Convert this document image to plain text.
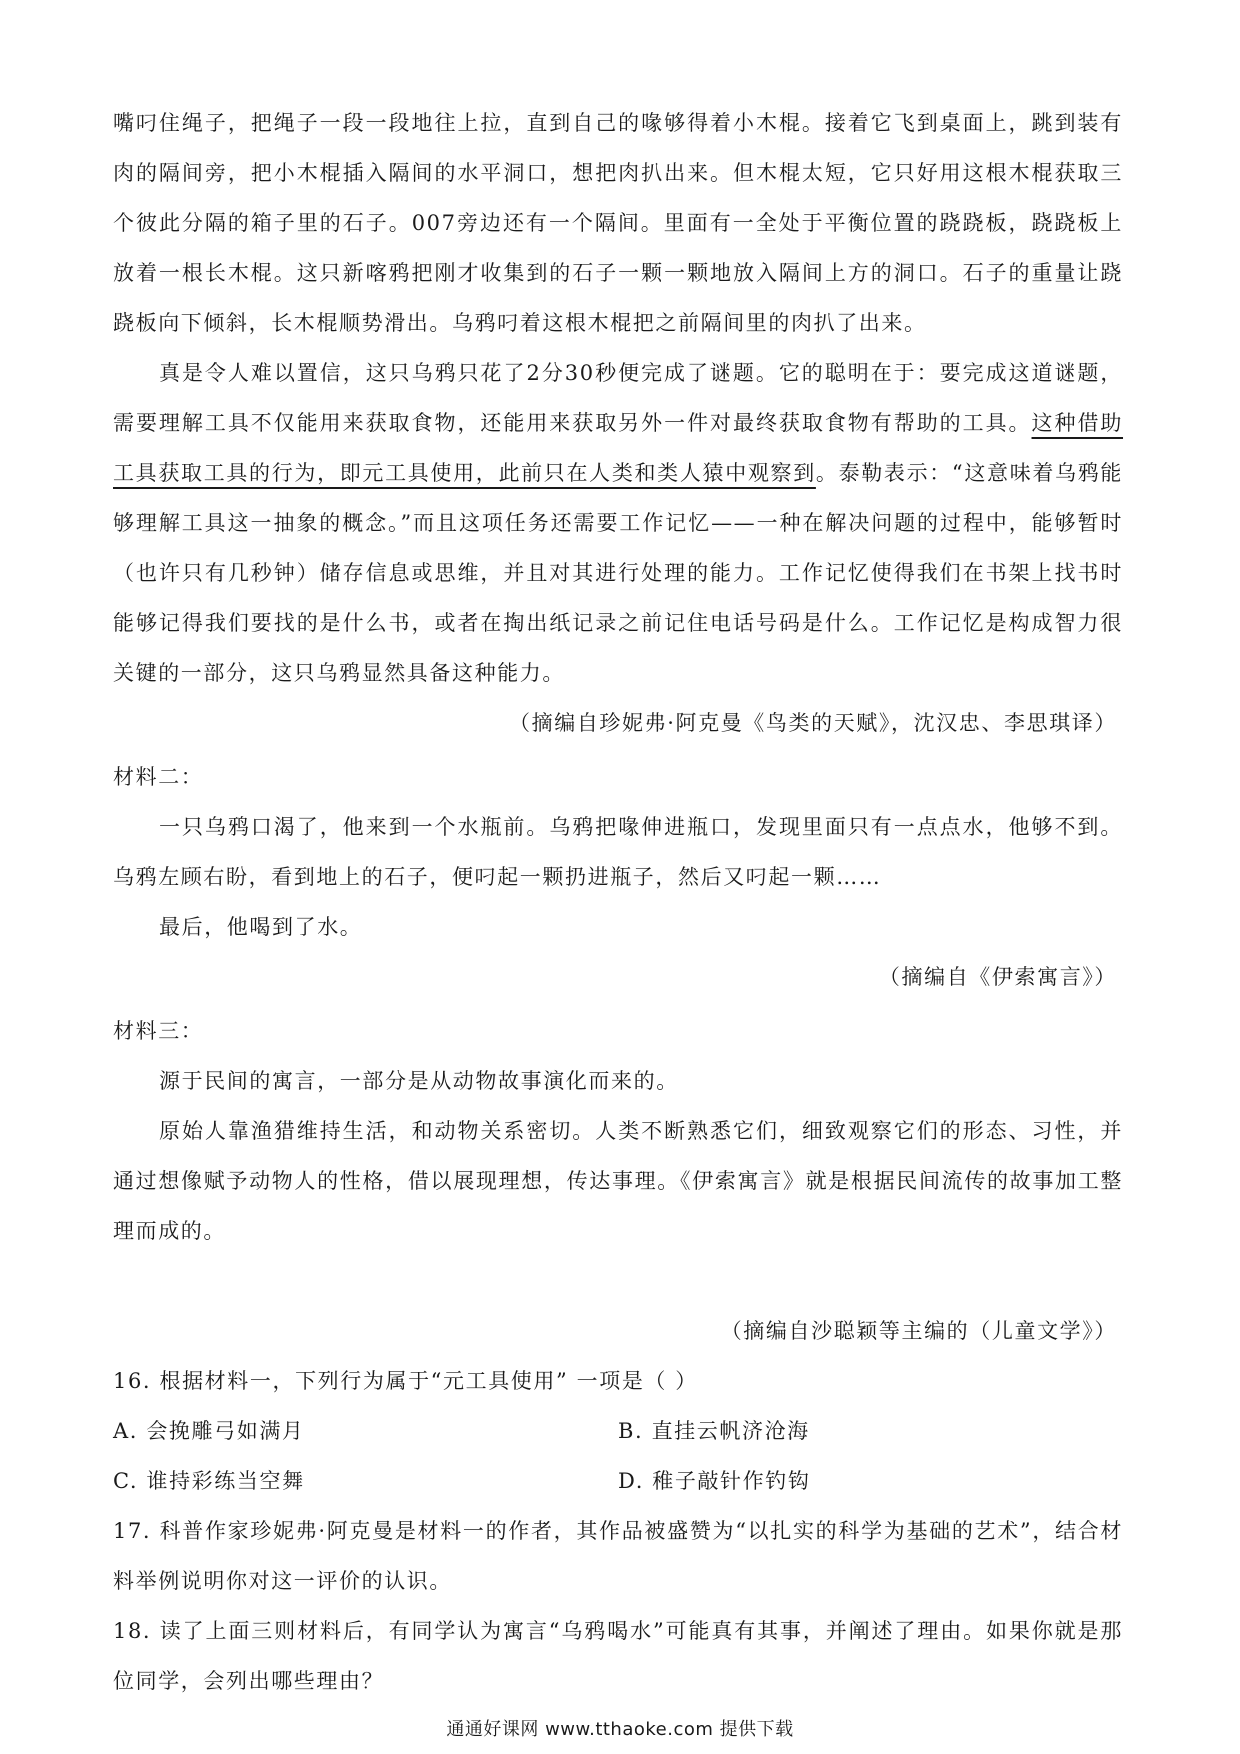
嘴叼住绳子，把绳子一段一段地往上拉，直到自己的喙够得着小木棍。接着它飞到桌面上，跳到装有肉的隔间旁，把小木棍插入隔间的水平洞口，想把肉扒出来。但木棍太短，它只好用这根木棍获取三个彼此分隔的箱子里的石子。007旁边还有一个隔间。里面有一全处于平衡位置的跷跷板，跷跷板上放着一根长木棍。这只新喀鸦把刚才收集到的石子一颗一颗地放入隔间上方的洞口。石子的重量让跷跷板向下倾斜，长木棍顺势滑出。乌鸦叼着这根木棍把之前隔间里的肉扒了出来。

真是令人难以置信，这只乌鸦只花了2分30秒便完成了谜题。它的聪明在于：要完成这道谜题，需要理解工具不仅能用来获取食物，还能用来获取另外一件对最终获取食物有帮助的工具。这种借助工具获取工具的行为，即元工具使用，此前只在人类和类人猿中观察到。泰勒表示：“这意味着乌鸦能够理解工具这一抽象的概念。”而且这项任务还需要工作记忆——一种在解决问题的过程中，能够暂时（也许只有几秒钟）储存信息或思维，并且对其进行处理的能力。工作记忆使得我们在书架上找书时能够记得我们要找的是什么书，或者在掏出纸记录之前记住电话号码是什么。工作记忆是构成智力很关键的一部分，这只乌鸦显然具备这种能力。

（摘编自珍妮弗·阿克曼《鸟类的天赋》，沈汉忠、李思琪译）

材料二：

一只乌鸦口渴了，他来到一个水瓶前。乌鸦把喙伸进瓶口，发现里面只有一点点水，他够不到。乌鸦左顾右盼，看到地上的石子，便叼起一颗扔进瓶子，然后又叼起一颗……

最后，他喝到了水。

（摘编自《伊索寓言》）

材料三：

源于民间的寓言，一部分是从动物故事演化而来的。

原始人靠渔猎维持生活，和动物关系密切。人类不断熟悉它们，细致观察它们的形态、习性，并通过想像赋予动物人的性格，借以展现理想，传达事理。《伊索寓言》就是根据民间流传的故事加工整理而成的。

（摘编自沙聪颖等主编的（儿童文学》）

16. 根据材料一，下列行为属于“元工具使用” 一项是（ ）

A. 会挽雕弓如满月	B. 直挂云帆济沧海
C. 谁持彩练当空舞	D. 稚子敲针作钓钩

17. 科普作家珍妮弗·阿克曼是材料一的作者，其作品被盛赞为“以扎实的科学为基础的艺术”，结合材料举例说明你对这一评价的认识。

18. 读了上面三则材料后，有同学认为寓言“乌鸦喝水”可能真有其事，并阐述了理由。如果你就是那位同学，会列出哪些理由？

通通好课网 www.tthaoke.com 提供下载
